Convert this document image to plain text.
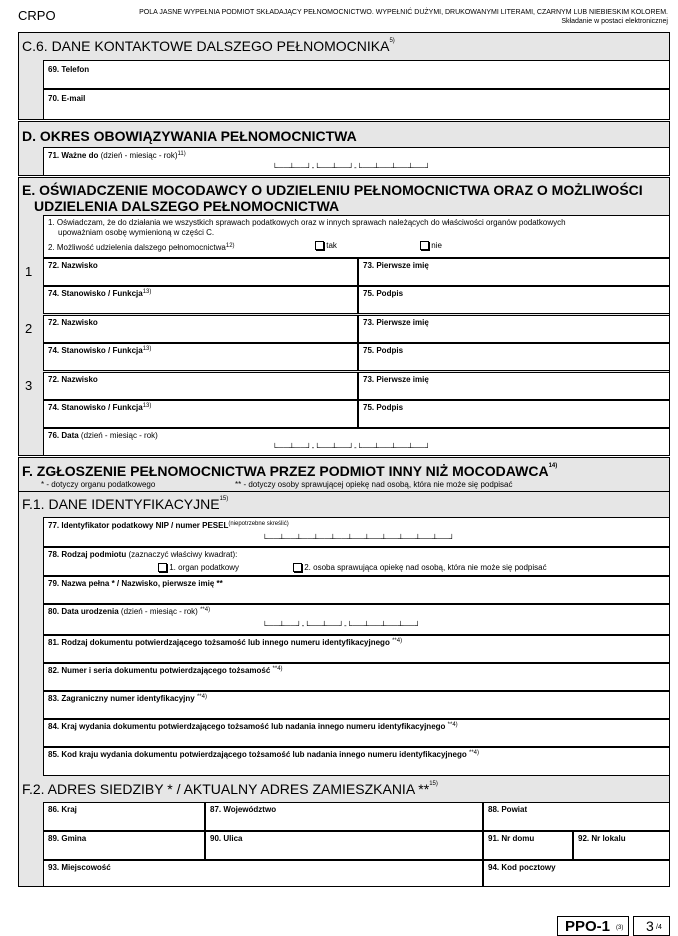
CRPO	POLA JASNE WYPEŁNIA PODMIOT SKŁADAJĄCY PEŁNOMOCNICTWO. WYPEŁNIĆ DUŻYMI, DRUKOWANYMI LITERAMI, CZARNYM LUB NIEBIESKIM KOLOREM.
Składanie w postaci elektronicznej
C.6. DANE KONTAKTOWE DALSZEGO PEŁNOMOCNIKA$^{5)}$
69. Telefon
70. E-mail
D. OKRES OBOWIĄZYWANIA PEŁNOMOCNICTWA
71. Ważne do (dzień - miesiąc - rok)$^{11)}$
└──┴──┘-└──┴──┘-└──┴──┴──┴──┘
E. OŚWIADCZENIE MOCODAWCY O UDZIELENIU PEŁNOMOCNICTWA ORAZ O MOŻLIWOŚCI
UDZIELENIA DALSZEGO PEŁNOMOCNICTWA
1. Oświadczam, że do działania we wszystkich sprawach podatkowych oraz w innych sprawach należących do właściwości organów podatkowych
upoważniam osobę wymienioną w części C.
2. Możliwość udzielenia dalszego pełnomocnictwa$^{12)}$	tak	nie
1 72. Nazwisko	73. Pierwsze imię
74. Stanowisko / Funkcja$^{13)}$	75. Podpis
2 72. Nazwisko	73. Pierwsze imię
74. Stanowisko / Funkcja$^{13)}$	75. Podpis
3 72. Nazwisko	73. Pierwsze imię
74. Stanowisko / Funkcja$^{13)}$	75. Podpis
76. Data (dzień - miesiąc - rok)
└──┴──┘-└──┴──┘-└──┴──┴──┴──┘
F. ZGŁOSZENIE PEŁNOMOCNICTWA PRZEZ PODMIOT INNY NIŻ MOCODAWCA$^{14)}$
* - dotyczy organu podatkowego	** - dotyczy osoby sprawującej opiekę nad osobą, która nie może się podpisać
F.1. DANE IDENTYFIKACYJNE$^{15)}$
77. Identyfikator podatkowy NIP / numer $PESEL^{(niepotrzebne skreślić)}$
└──┴──┴──┴──┴──┴──┴──┴──┴──┴──┴──┘
78. Rodzaj podmiotu (zaznaczyć właściwy kwadrat):
1. organ podatkowy	2. osoba sprawująca opiekę nad osobą, która nie może się podpisać
79. Nazwa pełna * / Nazwisko, pierwsze imię **
80. Data urodzenia (dzień - miesiąc - rok) $^{**4)}$
└──┴──┘-└──┴──┘-└──┴──┴──┴──┘
81. Rodzaj dokumentu potwierdzającego tożsamość lub innego numeru identyfikacyjnego $^{**4)}$
82. Numer i seria dokumentu potwierdzającego tożsamość $^{**4)}$
83. Zagraniczny numer identyfikacyjny $^{**4)}$
84. Kraj wydania dokumentu potwierdzającego tożsamość lub nadania innego numeru identyfikacyjnego $^{**4)}$
85. Kod kraju wydania dokumentu potwierdzającego tożsamość lub nadania innego numeru identyfikacyjnego $^{**4)}$
F.2. ADRES SIEDZIBY * / AKTUALNY ADRES ZAMIESZKANIA **$^{15)}$
86. Kraj	87. Województwo	88. Powiat
89. Gmina	90. Ulica	91. Nr domu	92. Nr lokalu
93. Miejscowość	94. Kod pocztowy
PPO-1 (3) 3 /4
